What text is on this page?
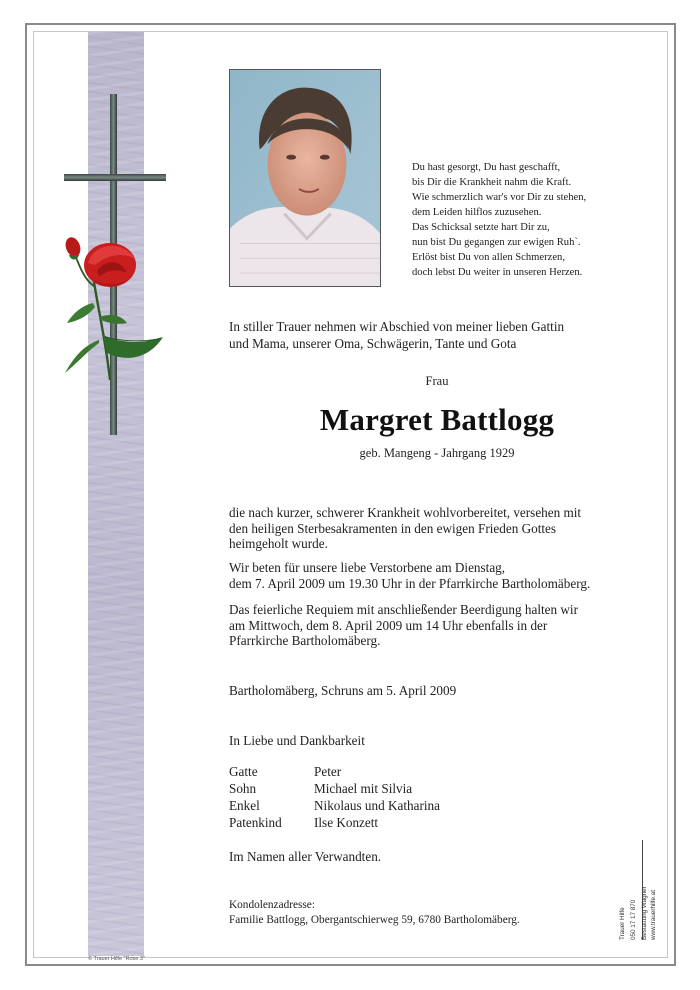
Du hast gesorgt, Du hast geschafft,
bis Dir die Krankheit nahm die Kraft.
Wie schmerzlich war's vor Dir zu stehen,
dem Leiden hilflos zuzusehen.
Das Schicksal setzte hart Dir zu,
nun bist Du gegangen zur ewigen Ruh`.
Erlöst bist Du von allen Schmerzen,
doch lebst Du weiter in unseren Herzen.
In stiller Trauer nehmen wir Abschied von meiner lieben Gattin
und Mama, unserer Oma, Schwägerin, Tante und Gota
Frau
Margret Battlogg
geb. Mangeng - Jahrgang 1929
die nach kurzer, schwerer Krankheit wohlvorbereitet, versehen mit
den heiligen Sterbesakramenten in den ewigen Frieden Gottes
heimgeholt wurde.
Wir beten für unsere liebe Verstorbene am Dienstag,
dem 7. April 2009 um 19.30 Uhr in der Pfarrkirche Bartholomäberg.
Das feierliche Requiem mit anschließender Beerdigung halten wir
am Mittwoch, dem 8. April 2009 um 14 Uhr ebenfalls in der
Pfarrkirche Bartholomäberg.
Bartholomäberg, Schruns am 5. April 2009
In Liebe und Dankbarkeit
Gatte	Peter
Sohn	Michael mit Silvia
Enkel	Nikolaus und Katharina
Patenkind	Ilse Konzett
Im Namen aller Verwandten.
Kondolenzadresse:
Familie Battlogg, Obergantschierweg 59, 6780 Bartholomäberg.	Trauer Hilfe 050 17 17 870 Bestattung Wagner www.trauerhilfe.at
© Trauer Hilfe "Rose 3"
